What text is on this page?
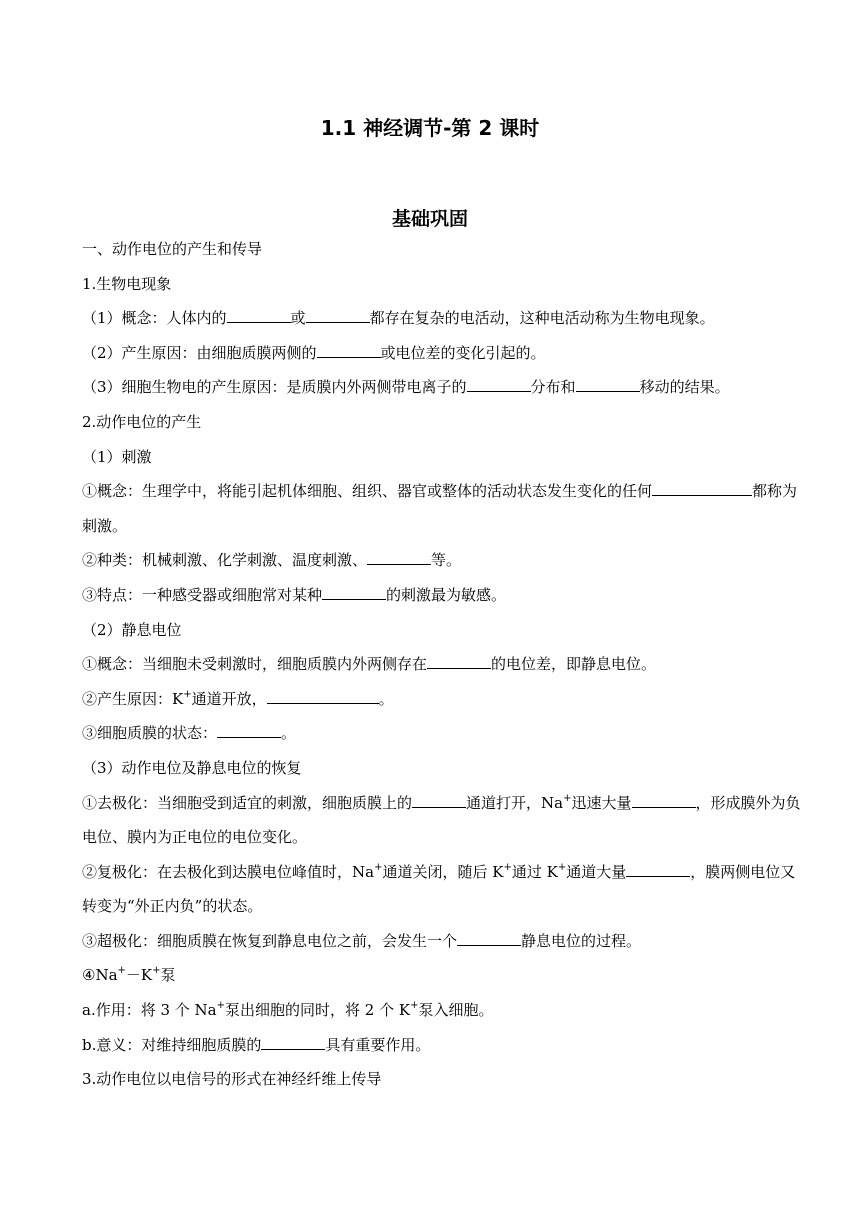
1.1 神经调节-第 2 课时
基础巩固
一、动作电位的产生和传导
1.生物电现象
（1）概念：人体内的	或	都存在复杂的电活动，这种电活动称为生物电现象。
（2）产生原因：由细胞质膜两侧的	或电位差的变化引起的。
（3）细胞生物电的产生原因：是质膜内外两侧带电离子的	分布和	移动的结果。
2.动作电位的产生
（1）刺激
①概念：生理学中，将能引起机体细胞、组织、器官或整体的活动状态发生变化的任何	都称为刺激。
②种类：机械刺激、化学刺激、温度刺激、	等。
③特点：一种感受器或细胞常对某种	的刺激最为敏感。
（2）静息电位
①概念：当细胞未受刺激时，细胞质膜内外两侧存在	的电位差，即静息电位。
②产生原因：K+通道开放，	。
③细胞质膜的状态：	。
（3）动作电位及静息电位的恢复
①去极化：当细胞受到适宜的刺激，细胞质膜上的	通道打开，Na+迅速大量	，形成膜外为负电位、膜内为正电位的电位变化。
②复极化：在去极化到达膜电位峰值时，Na+通道关闭，随后 K+通过 K+通道大量	，膜两侧电位又转变为“外正内负”的状态。
③超极化：细胞质膜在恢复到静息电位之前，会发生一个	静息电位的过程。
④Na+－K+泵
a.作用：将 3 个 Na+泵出细胞的同时，将 2 个 K+泵入细胞。
b.意义：对维持细胞质膜的	具有重要作用。
3.动作电位以电信号的形式在神经纤维上传导
